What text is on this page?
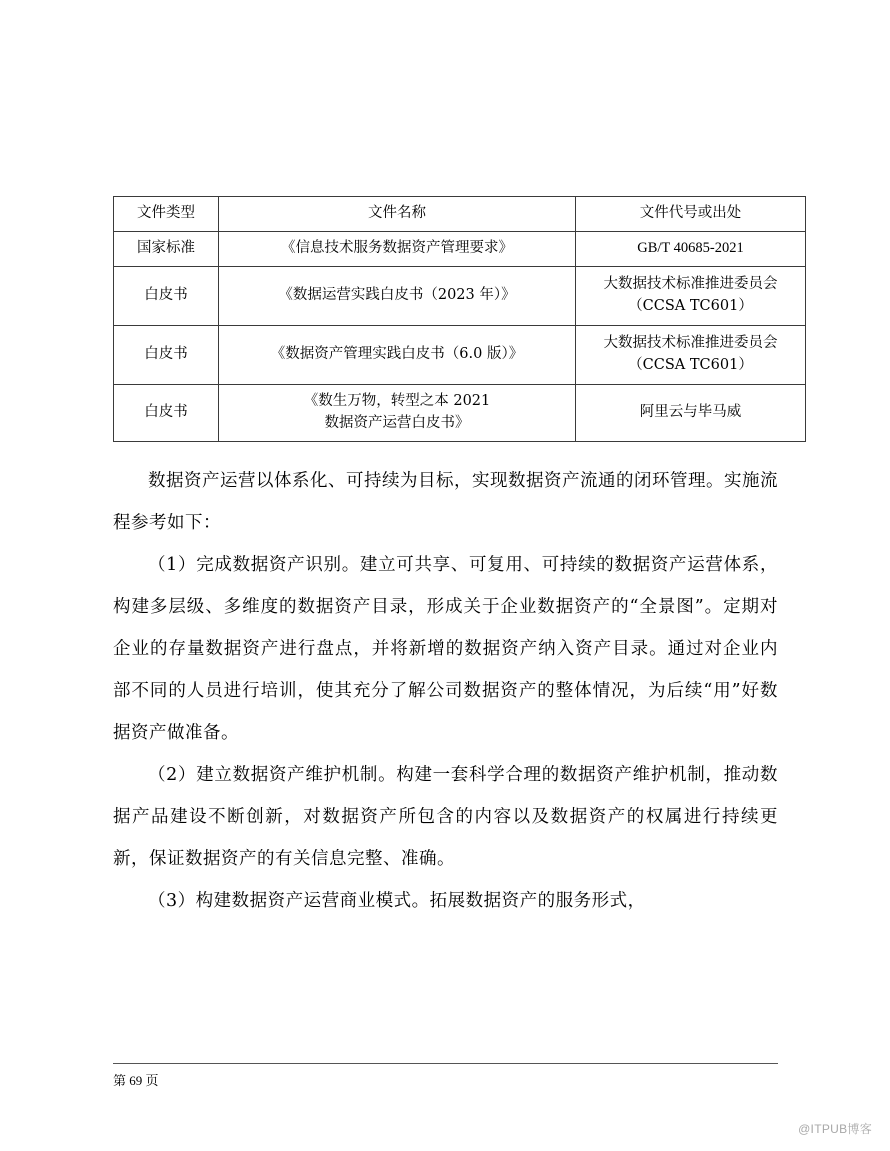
文件类型	文件名称	文件代号或出处
国家标准	《信息技术服务数据资产管理要求》	GB/T 40685-2021
白皮书	《数据运营实践白皮书（2023 年）》	大数据技术标准推进委员会
（CCSA TC601）

白皮书	《数据资产管理实践白皮书（6.0 版）》	大数据技术标准推进委员会
（CCSA TC601）

白皮书	《数生万物，转型之本 2021
数据资产运营白皮书》	阿里云与毕马威

数据资产运营以体系化、可持续为目标，实现数据资产流通的闭环管理。实施流程参考如下：

（1）完成数据资产识别。建立可共享、可复用、可持续的数据资产运营体系，构建多层级、多维度的数据资产目录，形成关于企业数据资产的“全景图”。定期对企业的存量数据资产进行盘点，并将新增的数据资产纳入资产目录。通过对企业内部不同的人员进行培训，使其充分了解公司数据资产的整体情况，为后续“用”好数据资产做准备。

（2）建立数据资产维护机制。构建一套科学合理的数据资产维护机制，推动数据产品建设不断创新，对数据资产所包含的内容以及数据资产的权属进行持续更新，保证数据资产的有关信息完整、准确。

（3）构建数据资产运营商业模式。拓展数据资产的服务形式，

第 69 页
@ITPUB博客
